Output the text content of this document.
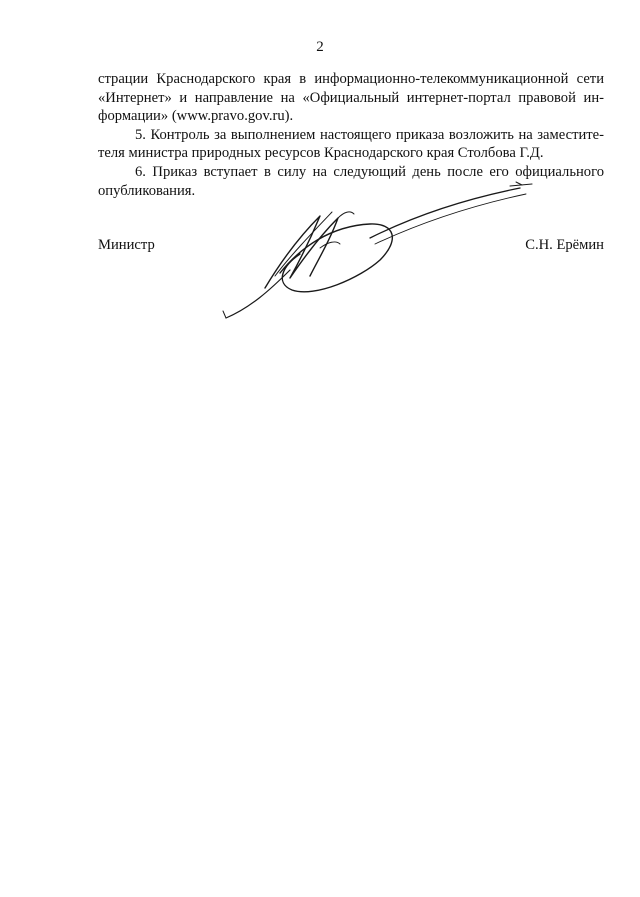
2

страции Краснодарского края в информационно-телекоммуникационной сети
«Интернет» и направление на «Официальный интернет-портал правовой ин-
формации» (www.pravo.gov.ru).

5. Контроль за выполнением настоящего приказа возложить на заместите-
теля министра природных ресурсов Краснодарского края Столбова Г.Д.

6. Приказ вступает в силу на следующий день после его официального
опубликования.

Министр	С.Н. Ерёмин
